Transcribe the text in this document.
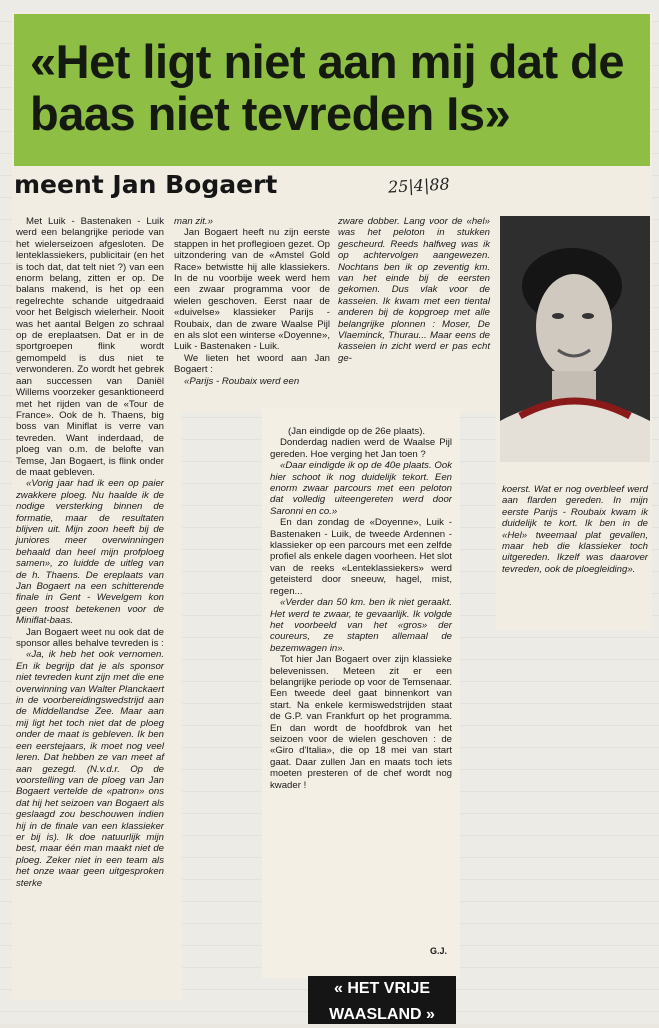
«Het ligt niet aan mij dat de baas niet tevreden Is»
meent Jan Bogaert	25|4|88

Met Luik - Bastenaken - Luik werd een belangrijke periode van het wielerseizoen afgesloten. De lenteklassiekers, publicitair (en het is toch dat, dat telt niet ?) van een enorm belang, zitten er op. De balans makend, is het op een regelrechte schande uitgedraaid voor het Belgisch wielerheir. Nooit was het aantal Belgen zo schraal op de ereplaatsen. Dat er in de sportgroepen flink wordt gemompeld is dus niet te verwonderen. Zo wordt het gebrek aan successen van Daniël Willems voorzeker gesanktioneerd met het rijden van de «Tour de France». Ook de h. Thaens, big boss van Miniflat is verre van tevreden. Want inderdaad, de ploeg van o.m. de belofte van Temse, Jan Bogaert, is flink onder de maat gebleven.

«Vorig jaar had ik een op paier zwakkere ploeg. Nu haalde ik de nodige versterking binnen de formatie, maar de resultaten blijven uit. Mijn zoon heeft bij de juniores meer overwinningen behaald dan heel mijn profploeg samen», zo luidde de uitleg van de h. Thaens. De ereplaats van Jan Bogaert na een schitterende finale in Gent - Wevelgem kon geen troost betekenen voor de Miniflat-baas.

Jan Bogaert weet nu ook dat de sponsor alles behalve tevreden is :

«Ja, ik heb het ook vernomen. En ik begrijp dat je als sponsor niet tevreden kunt zijn met die ene overwinning van Walter Planckaert in de voorbereidingswedstrijd aan de Middellandse Zee. Maar aan mij ligt het toch niet dat de ploeg onder de maat is gebleven. Ik ben een eerstejaars, ik moet nog veel leren. Dat hebben ze van meet af aan gezegd. (N.v.d.r. Op de voorstelling van de ploeg van Jan Bogaert vertelde de «patron» ons dat hij het seizoen van Bogaert als geslaagd zou beschouwen indien hij in de finale van een klassieker er bij is). Ik doe natuurlijk mijn best, maar één man maakt niet de ploeg. Zeker niet in een team als het onze waar geen uitgesproken sterke

man zit.»

Jan Bogaert heeft nu zijn eerste stappen in het proflegioen gezet. Op uitzondering van de «Amstel Gold Race» betwistte hij alle klassiekers. In de nu voorbije week werd hem een zwaar programma voor de wielen geschoven. Eerst naar de «duivelse» klassieker Parijs - Roubaix, dan de zware Waalse Pijl en als slot een winterse «Doyenne», Luik - Bastenaken - Luik.

We lieten het woord aan Jan Bogaert :

«Parijs - Roubaix werd een

zware dobber. Lang voor de «hel» was het peloton in stukken gescheurd. Reeds halfweg was ik op achtervolgen aangewezen. Nochtans ben ik op zeventig km. van het einde bij de eersten gekomen. Dus vlak voor de kasseien. Ik kwam met een tiental anderen bij de kopgroep met alle belangrijke plonnen : Moser, De Vlaeminck, Thurau... Maar eens de kasseien in zicht werd er pas echt ge-

koerst. Wat er nog overbleef werd aan flarden gereden. In mijn eerste Parijs - Roubaix kwam ik duidelijk te kort. Ik ben in de «Hel» tweemaal plat gevallen, maar heb die klassieker toch uitgereden. Ikzelf was daarover tevreden, ook de ploegleiding».

(Jan eindigde op de 26e plaats).

Donderdag nadien werd de Waalse Pijl gereden. Hoe verging het Jan toen ?

«Daar eindigde ik op de 40e plaats. Ook hier schoot ik nog duidelijk tekort. Een enorm zwaar parcours met een peloton dat volledig uiteengereten werd door Saronni en co.»

En dan zondag de «Doyenne», Luik - Bastenaken - Luik, de tweede Ardennen - klassieker op een parcours met een zelfde profiel als enkele dagen voorheen. Het slot van de reeks «Lenteklassiekers» werd geteisterd door sneeuw, hagel, mist, regen...

«Verder dan 50 km. ben ik niet geraakt. Het werd te zwaar, te gevaarlijk. Ik volgde het voorbeeld van het «gros» der coureurs, ze stapten allemaal de bezemwagen in».

Tot hier Jan Bogaert over zijn klassieke belevenissen. Meteen zit er een belangrijke periode op voor de Temsenaar. Een tweede deel gaat binnenkort van start. Na enkele kermiswedstrijden staat de G.P. van Frankfurt op het programma. En dan wordt de hoofdbrok van het seizoen voor de wielen geschoven : de «Giro d'Italia», die op 18 mei van start gaat. Daar zullen Jan en maats toch iets moeten presteren of de chef wordt nog kwader !

G.J.
« HET VRIJE WAASLAND »
